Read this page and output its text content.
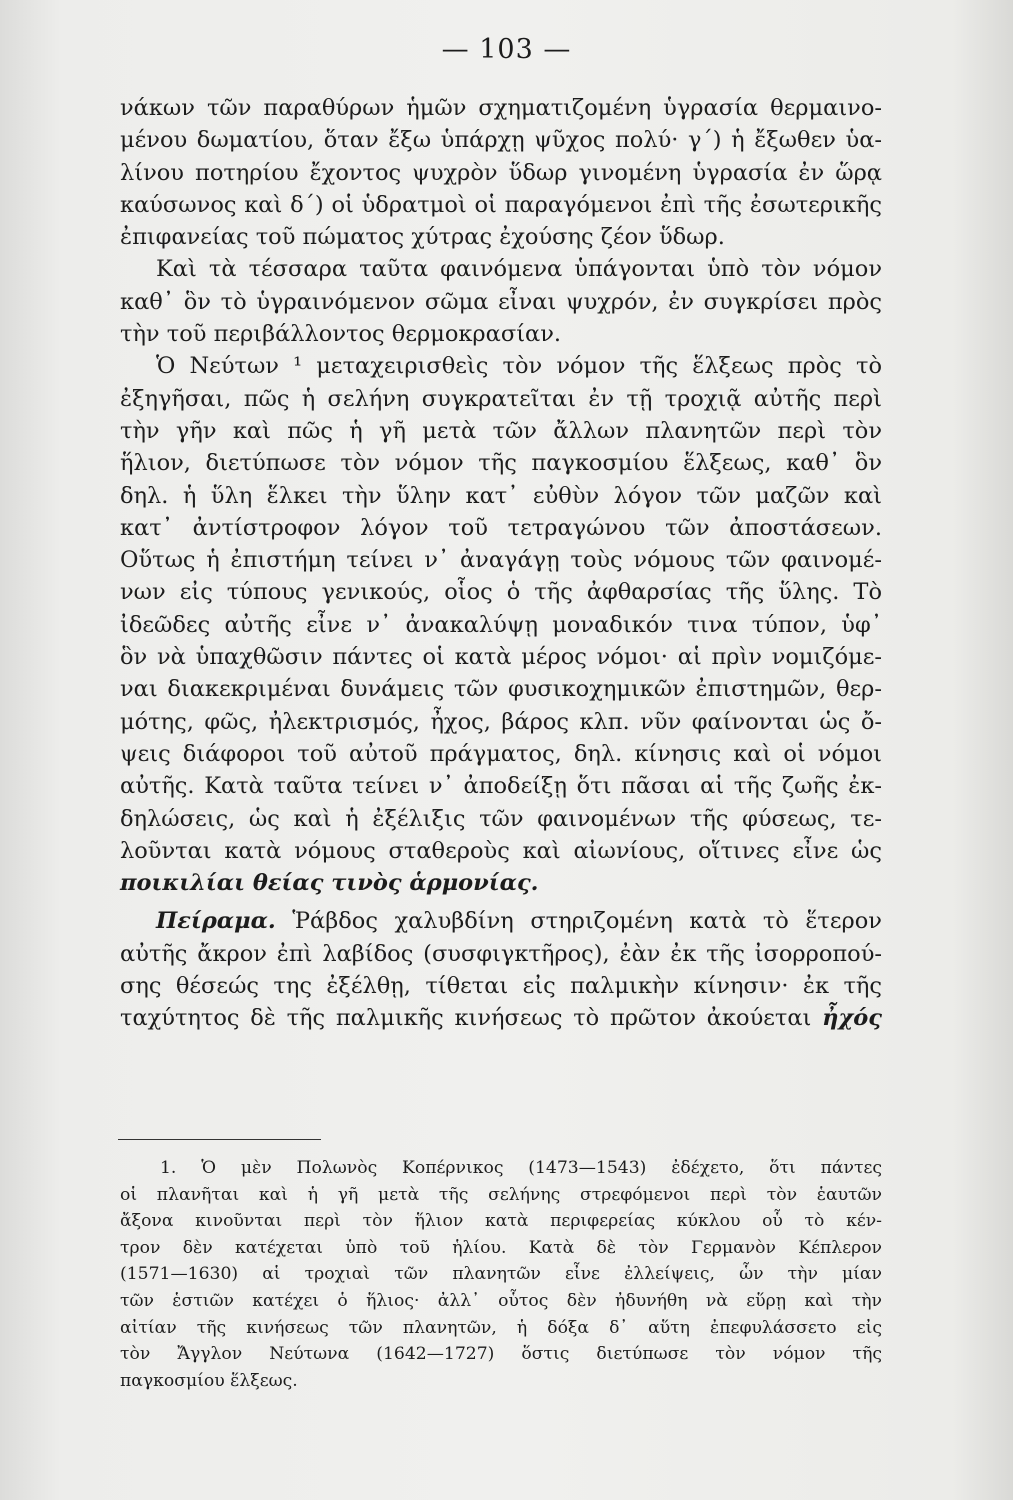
— 103 —
νάκων τῶν παραθύρων ἡμῶν σχηματιζομένη ὑγρασία θερμαινο-
μένου δωματίου, ὅταν ἔξω ὑπάρχῃ ψῦχος πολύ· γ΄) ἡ ἔξωθεν ὑα-
λίνου ποτηρίου ἔχοντος ψυχρὸν ὕδωρ γινομένη ὑγρασία ἐν ὥρᾳ
καύσωνος καὶ δ΄) οἱ ὑδρατμοὶ οἱ παραγόμενοι ἐπὶ τῆς ἐσωτερικῆς
ἐπιφανείας τοῦ πώματος χύτρας ἐχούσης ζέον ὕδωρ.
Καὶ τὰ τέσσαρα ταῦτα φαινόμενα ὑπάγονται ὑπὸ τὸν νόμον
καθ᾽ ὃν τὸ ὑγραινόμενον σῶμα εἶναι ψυχρόν, ἐν συγκρίσει πρὸς
τὴν τοῦ περιβάλλοντος θερμοκρασίαν.
Ὁ Νεύτων ¹ μεταχειρισθεὶς τὸν νόμον τῆς ἕλξεως πρὸς τὸ
ἐξηγῆσαι, πῶς ἡ σελήνη συγκρατεῖται ἐν τῇ τροχιᾷ αὐτῆς περὶ
τὴν γῆν καὶ πῶς ἡ γῆ μετὰ τῶν ἄλλων πλανητῶν περὶ τὸν
ἥλιον, διετύπωσε τὸν νόμον τῆς παγκοσμίου ἕλξεως, καθ᾽ ὃν
δηλ. ἡ ὕλη ἕλκει τὴν ὕλην κατ᾽ εὐθὺν λόγον τῶν μαζῶν καὶ
κατ᾽ ἀντίστροφον λόγον τοῦ τετραγώνου τῶν ἀποστάσεων.
Οὕτως ἡ ἐπιστήμη τείνει ν᾽ ἀναγάγῃ τοὺς νόμους τῶν φαινομέ-
νων εἰς τύπους γενικούς, οἷος ὁ τῆς ἀφθαρσίας τῆς ὕλης. Τὸ
ἰδεῶδες αὐτῆς εἶνε ν᾽ ἀνακαλύψῃ μοναδικόν τινα τύπον, ὑφ᾽
ὃν νὰ ὑπαχθῶσιν πάντες οἱ κατὰ μέρος νόμοι· αἱ πρὶν νομιζόμε-
ναι διακεκριμέναι δυνάμεις τῶν φυσικοχημικῶν ἐπιστημῶν, θερ-
μότης, φῶς, ἠλεκτρισμός, ἦχος, βάρος κλπ. νῦν φαίνονται ὡς ὄ-
ψεις διάφοροι τοῦ αὐτοῦ πράγματος, δηλ. κίνησις καὶ οἱ νόμοι
αὐτῆς. Κατὰ ταῦτα τείνει ν᾽ ἀποδείξῃ ὅτι πᾶσαι αἱ τῆς ζωῆς ἐκ-
δηλώσεις, ὡς καὶ ἡ ἐξέλιξις τῶν φαινομένων τῆς φύσεως, τε-
λοῦνται κατὰ νόμους σταθεροὺς καὶ αἰωνίους, οἵτινες εἶνε ὡς
ποικιλίαι θείας τινὸς ἁρμονίας.
Πείραμα. Ῥάβδος χαλυβδίνη στηριζομένη κατὰ τὸ ἕτερον
αὐτῆς ἄκρον ἐπὶ λαβίδος (συσφιγκτῆρος), ἐὰν ἐκ τῆς ἰσορροπού-
σης θέσεώς της ἐξέλθῃ, τίθεται εἰς παλμικὴν κίνησιν· ἐκ τῆς
ταχύτητος δὲ τῆς παλμικῆς κινήσεως τὸ πρῶτον ἀκούεται ἦχός
1. Ὁ μὲν Πολωνὸς Κοπέρνικος (1473—1543) ἐδέχετο, ὅτι πάντες
οἱ πλανῆται καὶ ἡ γῆ μετὰ τῆς σελήνης στρεφόμενοι περὶ τὸν ἑαυτῶν
ἄξονα κινοῦνται περὶ τὸν ἥλιον κατὰ περιφερείας κύκλου οὗ τὸ κέν-
τρον δὲν κατέχεται ὑπὸ τοῦ ἡλίου. Κατὰ δὲ τὸν Γερμανὸν Κέπλερον
(1571—1630) αἱ τροχιαὶ τῶν πλανητῶν εἶνε ἐλλείψεις, ὧν τὴν μίαν
τῶν ἑστιῶν κατέχει ὁ ἥλιος· ἀλλ᾽ οὗτος δὲν ἠδυνήθη νὰ εὕρῃ καὶ τὴν
αἰτίαν τῆς κινήσεως τῶν πλανητῶν, ἡ δόξα δ᾽ αὕτη ἐπεφυλάσσετο εἰς
τὸν Ἄγγλον Νεύτωνα (1642—1727) ὅστις διετύπωσε τὸν νόμον τῆς
παγκοσμίου ἕλξεως.
